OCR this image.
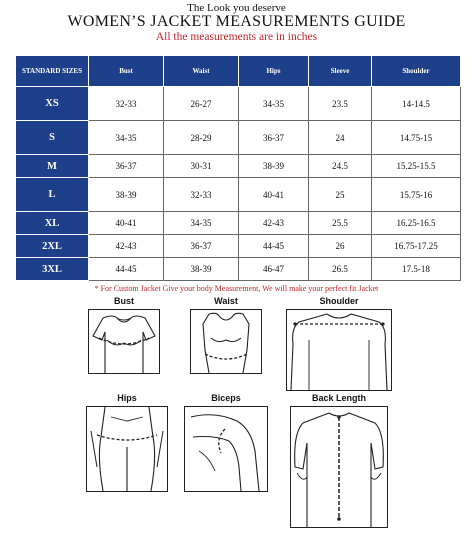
The Look you deserve
WOMEN’S JACKET MEASUREMENTS GUIDE
All the measurements are in inches
STANDARD SIZES	Bust	Waist	Hips	Sleeve	Shoulder
XS	32-33	26-27	34-35	23.5	14-14.5
S	34-35	28-29	36-37	24	14.75-15
M	36-37	30-31	38-39	24.5	15.25-15.5
L	38-39	32-33	40-41	25	15.75-16
XL	40-41	34-35	42-43	25.5	16.25-16.5
2XL	42-43	36-37	44-45	26	16.75-17.25
3XL	44-45	38-39	46-47	26.5	17.5-18
* For Custom Jacket Give your body Measurement, We will make your perfect fit Jacket
Bust	Waist	Shoulder
Hips	Biceps	Back Length
